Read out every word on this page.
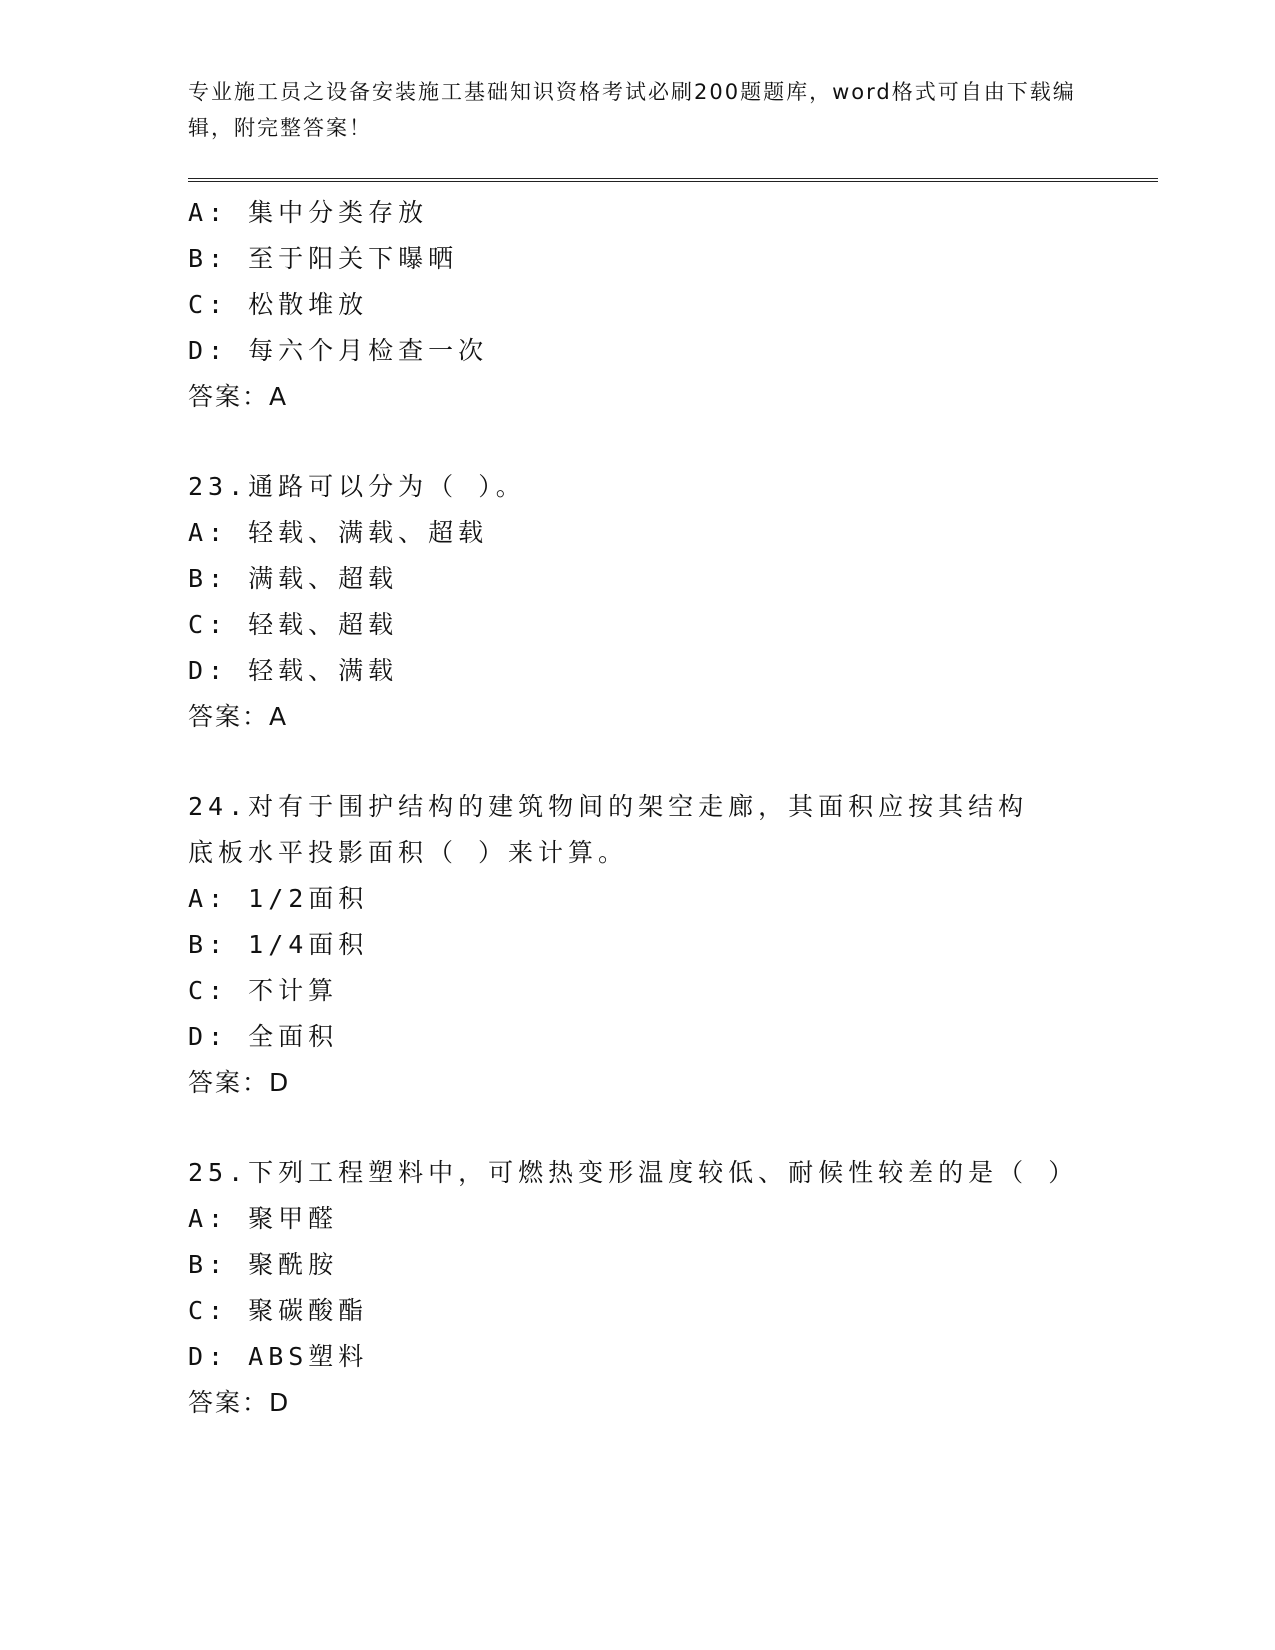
专业施工员之设备安装施工基础知识资格考试必刷200题题库，word格式可自由下载编辑，附完整答案！
A: 集中分类存放
B: 至于阳关下曝晒
C: 松散堆放
D: 每六个月检查一次
答案：A
23.通路可以分为（ ）。
A: 轻载、满载、超载
B: 满载、超载
C: 轻载、超载
D: 轻载、满载
答案：A
24.对有于围护结构的建筑物间的架空走廊，其面积应按其结构底板水平投影面积（ ）来计算。
A: 1/2面积
B: 1/4面积
C: 不计算
D: 全面积
答案：D
25.下列工程塑料中，可燃热变形温度较低、耐候性较差的是（ ）
A: 聚甲醛
B: 聚酰胺
C: 聚碳酸酯
D: ABS塑料
答案：D
